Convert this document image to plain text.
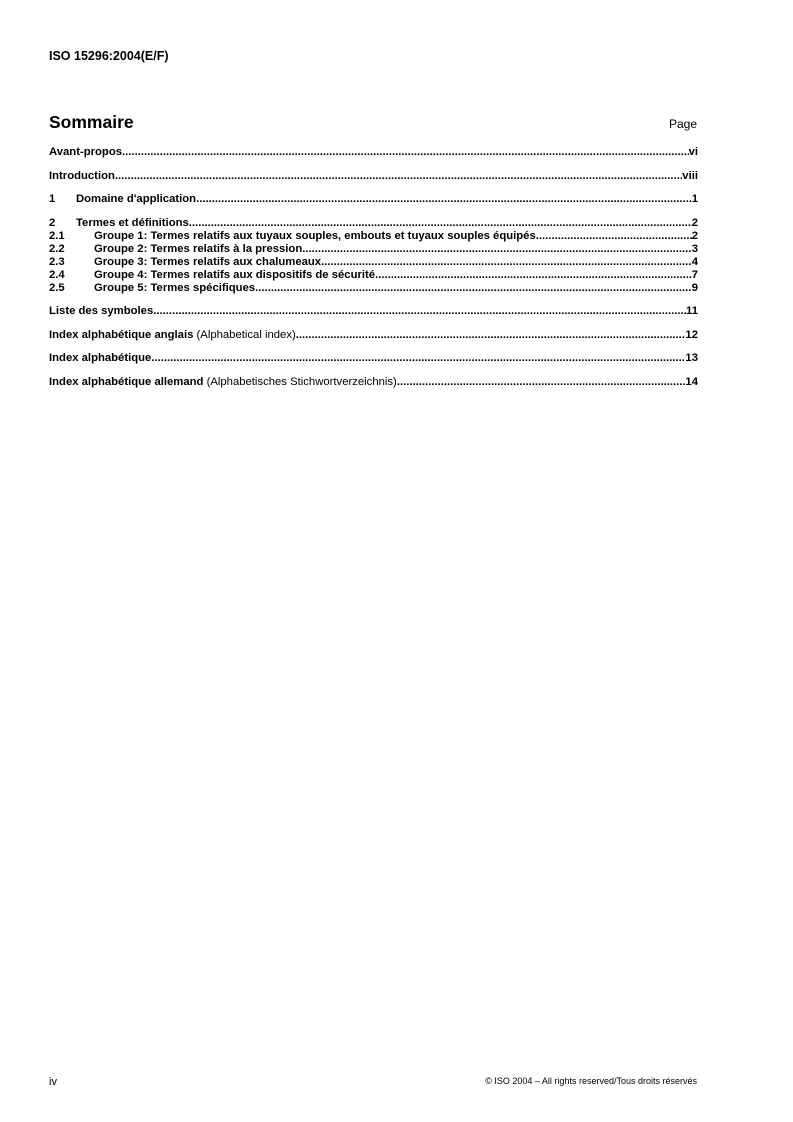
ISO 15296:2004(E/F)
Sommaire	Page
Avant-propos .....	vi
Introduction .....	viii
1	Domaine d'application .....	1
2	Termes et définitions .....	2
2.1	Groupe 1: Termes relatifs aux tuyaux souples, embouts et tuyaux souples équipés .....	2
2.2	Groupe 2: Termes relatifs à la pression .....	3
2.3	Groupe 3: Termes relatifs aux chalumeaux .....	4
2.4	Groupe 4: Termes relatifs aux dispositifs de sécurité .....	7
2.5	Groupe 5: Termes spécifiques .....	9
Liste des symboles .....	11
Index alphabétique anglais (Alphabetical index) .....	12
Index alphabétique .....	13
Index alphabétique allemand (Alphabetisches Stichwortverzeichnis) .....	14
iv	© ISO 2004 – All rights reserved/Tous droits réservés
